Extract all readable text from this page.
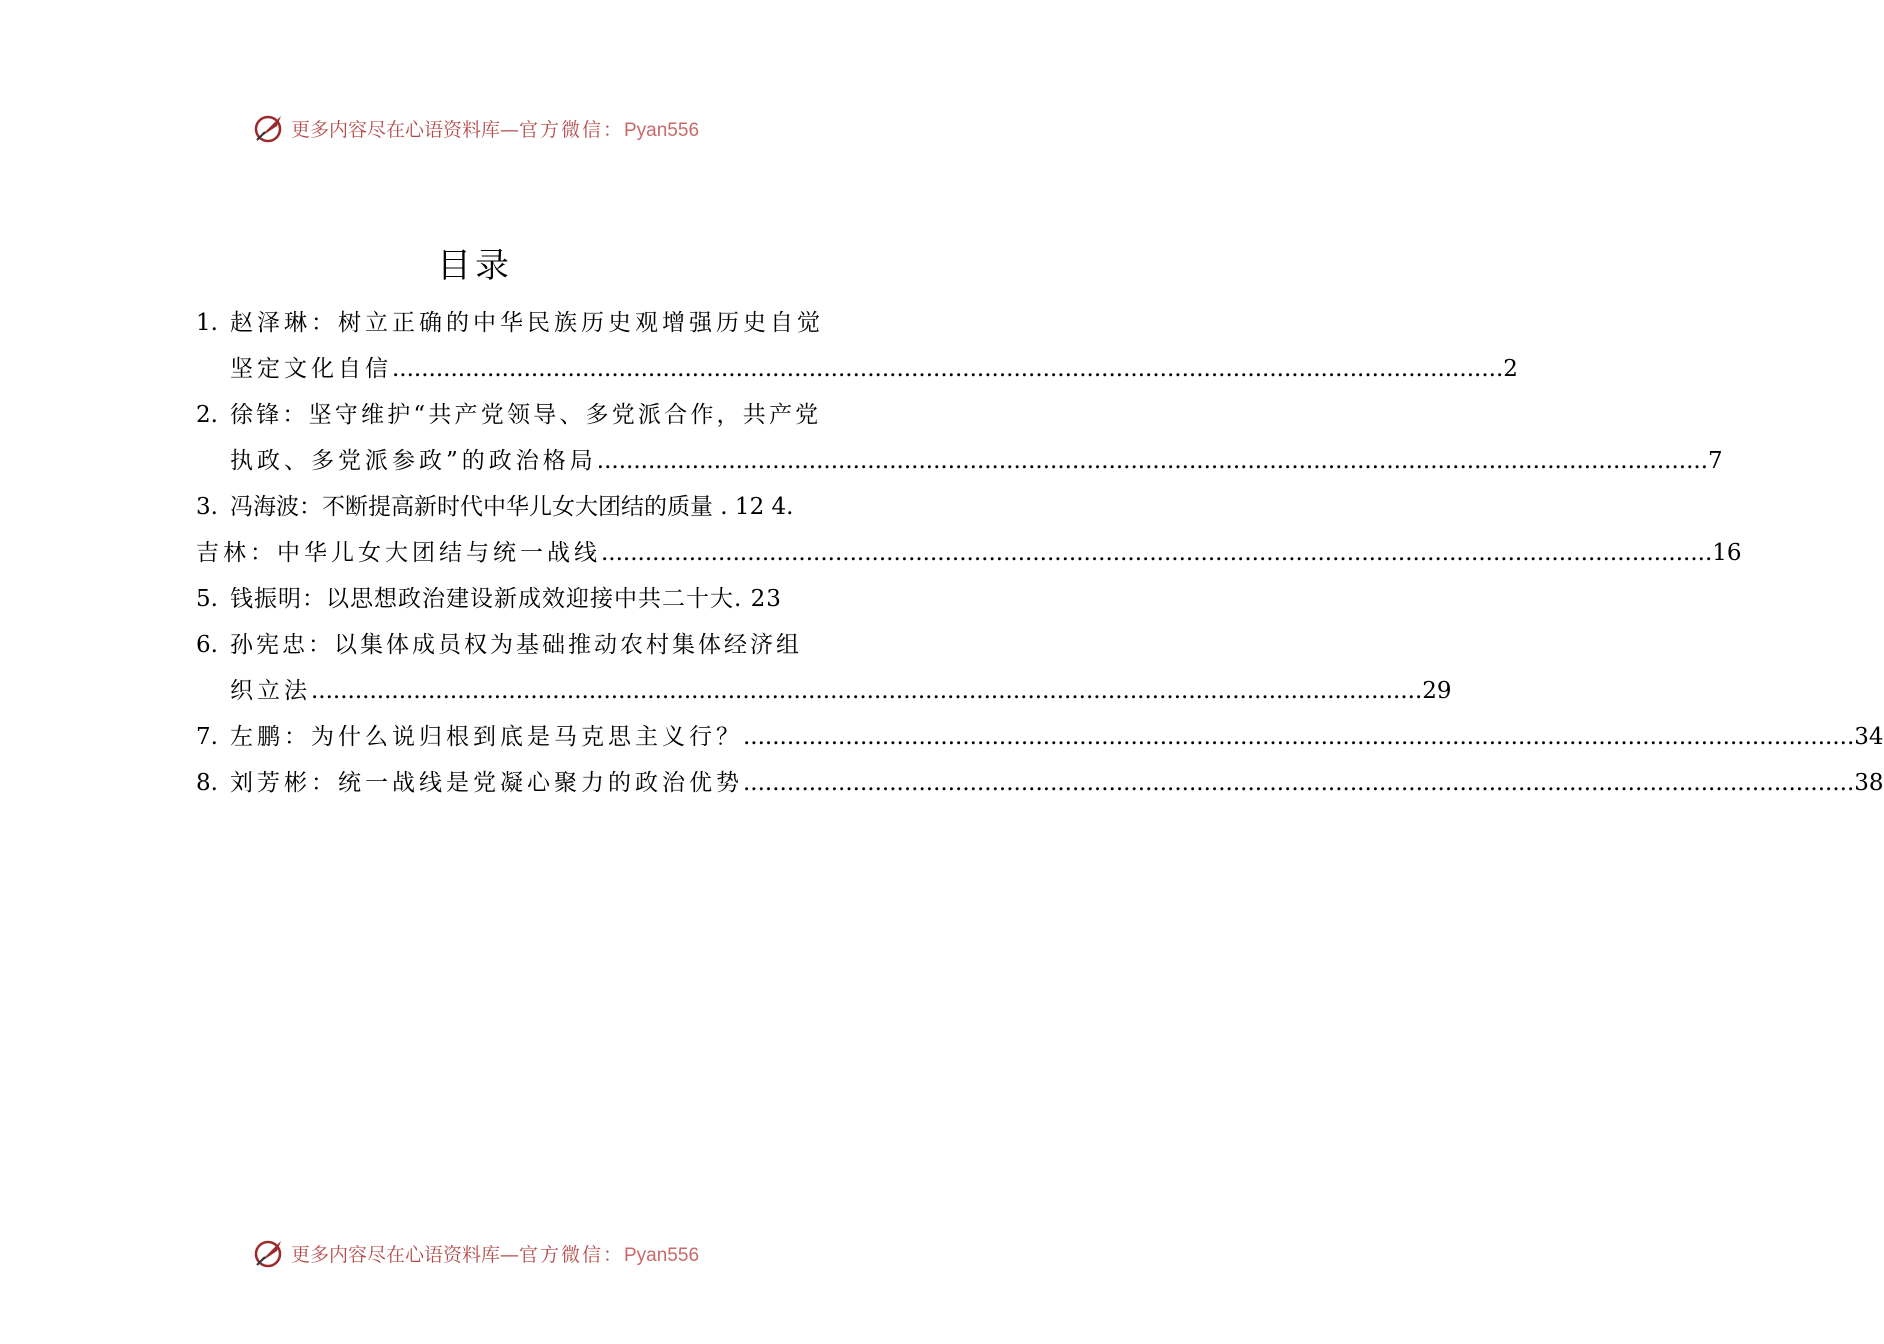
更多内容尽在心语资料库—官方微信：Pyan556
目录
1. 赵泽琳：树立正确的中华民族历史观增强历史自觉
坚定文化自信 .....	2
2. 徐锋：坚守维护“共产党领导、多党派合作，共产党
执政、多党派参政”的政治格局 .....	7
3. 冯海波：不断提高新时代中华儿女大团结的质量 . 12 4.
吉林：中华儿女大团结与统一战线 .....	16
5. 钱振明：以思想政治建设新成效迎接中共二十大. 23
6. 孙宪忠：以集体成员权为基础推动农村集体经济组
织立法 .....	29
7. 左鹏：为什么说归根到底是马克思主义行？ .....	34
8. 刘芳彬：统一战线是党凝心聚力的政治优势 .....	38
更多内容尽在心语资料库—官方微信：Pyan556
